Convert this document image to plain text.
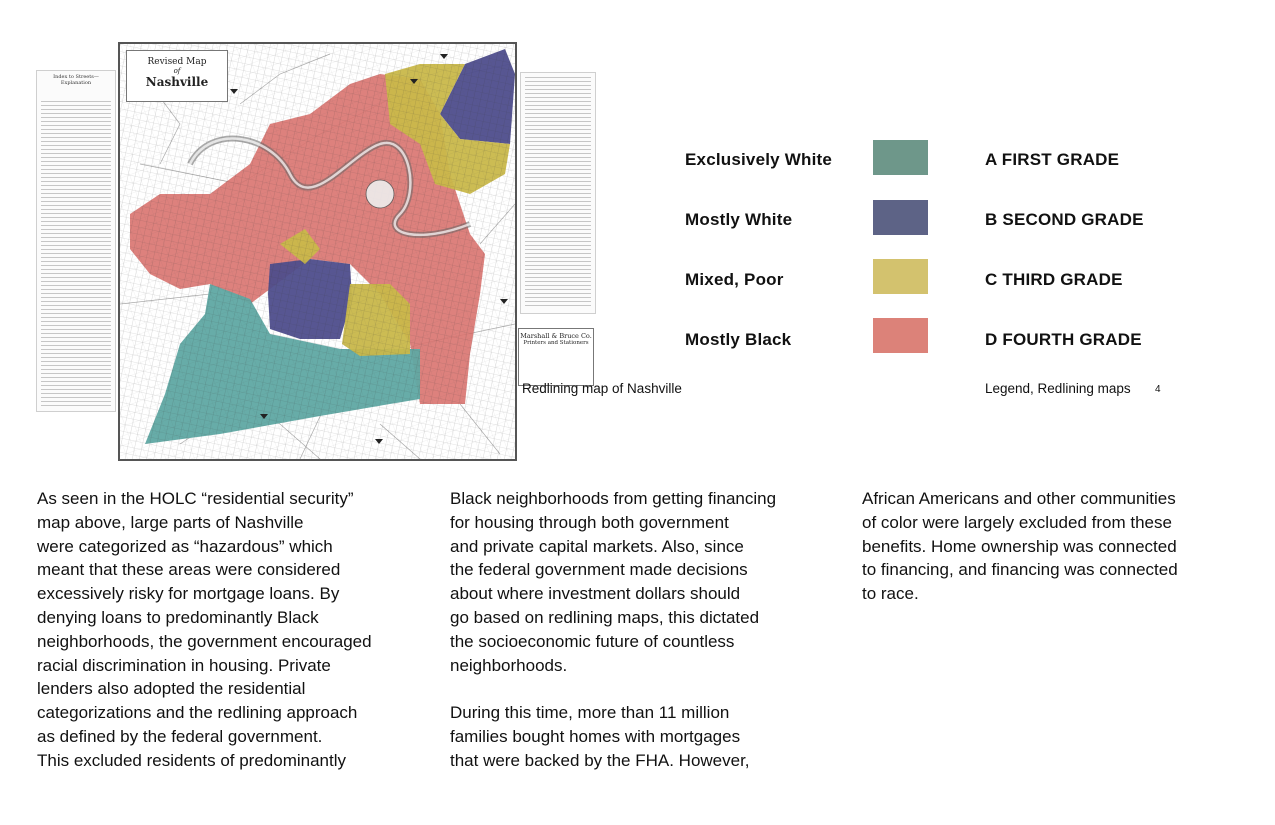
Index to Streets—Explanation
Revised Map
of
Nashville
Marshall & Bruce Co.
Printers and Stationers
Redlining map of Nashville
Exclusively White	A FIRST GRADE
Mostly White	B SECOND GRADE
Mixed, Poor	C THIRD GRADE
Mostly Black	D FOURTH GRADE
Legend, Redlining maps 4

As seen in the HOLC “residential security”
map above, large parts of Nashville
were categorized as “hazardous” which
meant that these areas were considered
excessively risky for mortgage loans. By
denying loans to predominantly Black
neighborhoods, the government encouraged
racial discrimination in housing. Private
lenders also adopted the residential
categorizations and the redlining approach
as defined by the federal government.
This excluded residents of predominantly

Black neighborhoods from getting financing
for housing through both government
and private capital markets. Also, since
the federal government made decisions
about where investment dollars should
go based on redlining maps, this dictated
the socioeconomic future of countless
neighborhoods.

During this time, more than 11 million
families bought homes with mortgages
that were backed by the FHA. However,

African Americans and other communities
of color were largely excluded from these
benefits. Home ownership was connected
to financing, and financing was connected
to race.
